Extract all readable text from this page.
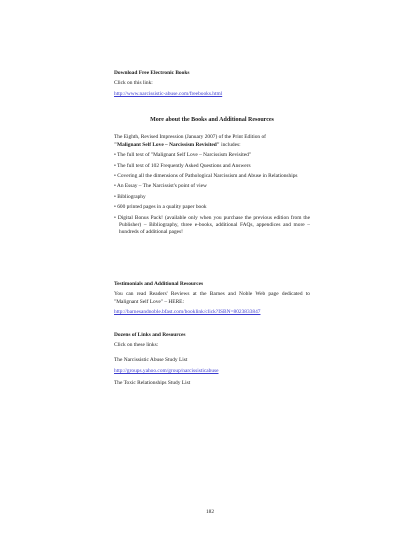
Download Free Electronic Books

Click on this link:

http://www.narcissistic-abuse.com/freebooks.html

More about the Books and Additional Resources

The Eighth, Revised Impression (January 2007) of the Print Edition of
"Malignant Self Love – Narcissism Revisited" includes:

• The full text of "Malignant Self Love – Narcissism Revisited"

• The full text of 102 Frequently Asked Questions and Answers

• Covering all the dimensions of Pathological Narcissism and Abuse in Relationships

• An Essay – The Narcissist's point of view

• Bibliography

• 600 printed pages in a quality paper book

• Digital Bonus Pack! (available only when you purchase the previous edition from the Publisher) – Bibliography, three e-books, additional FAQs, appendices and more – hundreds of additional pages!

Testimonials and Additional Resources

You can read Readers' Reviews at the Barnes and Noble Web page dedicated to "Malignant Self Love" – HERE:

http://barnesandnoble.bfast.com/booklink/click?ISBN=8023833847

Dozens of Links and Resources

Click on these links:

The Narcissistic Abuse Study List

http://groups.yahoo.com/group/narcissisticabuse

The Toxic Relationships Study List

182
